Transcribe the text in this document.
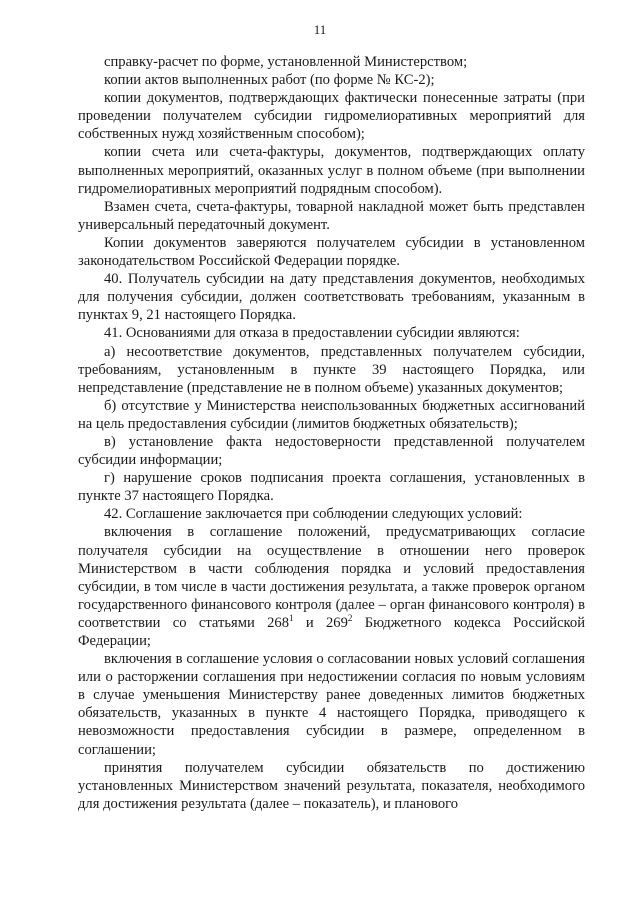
11

справку-расчет по форме, установленной Министерством;

копии актов выполненных работ (по форме № КС-2);

копии документов, подтверждающих фактически понесенные затраты (при проведении получателем субсидии гидромелиоративных мероприятий для собственных нужд хозяйственным способом);

копии счета или счета-фактуры, документов, подтверждающих оплату выполненных мероприятий, оказанных услуг в полном объеме (при выполнении гидромелиоративных мероприятий подрядным способом).

Взамен счета, счета-фактуры, товарной накладной может быть представлен универсальный передаточный документ.

Копии документов заверяются получателем субсидии в установленном законодательством Российской Федерации порядке.

40. Получатель субсидии на дату представления документов, необходимых для получения субсидии, должен соответствовать требованиям, указанным в пунктах 9, 21 настоящего Порядка.

41. Основаниями для отказа в предоставлении субсидии являются:

а) несоответствие документов, представленных получателем субсидии, требованиям, установленным в пункте 39 настоящего Порядка, или непредставление (представление не в полном объеме) указанных документов;

б) отсутствие у Министерства неиспользованных бюджетных ассигнований на цель предоставления субсидии (лимитов бюджетных обязательств);

в) установление факта недостоверности представленной получателем субсидии информации;

г) нарушение сроков подписания проекта соглашения, установленных в пункте 37 настоящего Порядка.

42. Соглашение заключается при соблюдении следующих условий:

включения в соглашение положений, предусматривающих согласие получателя субсидии на осуществление в отношении него проверок Министерством в части соблюдения порядка и условий предоставления субсидии, в том числе в части достижения результата, а также проверок органом государственного финансового контроля (далее – орган финансового контроля) в соответствии со статьями $268^1$ и $269^2$ Бюджетного кодекса Российской Федерации;

включения в соглашение условия о согласовании новых условий соглашения или о расторжении соглашения при недостижении согласия по новым условиям в случае уменьшения Министерству ранее доведенных лимитов бюджетных обязательств, указанных в пункте 4 настоящего Порядка, приводящего к невозможности предоставления субсидии в размере, определенном в соглашении;

принятия получателем субсидии обязательств по достижению установленных Министерством значений результата, показателя, необходимого для достижения результата (далее – показатель), и планового
